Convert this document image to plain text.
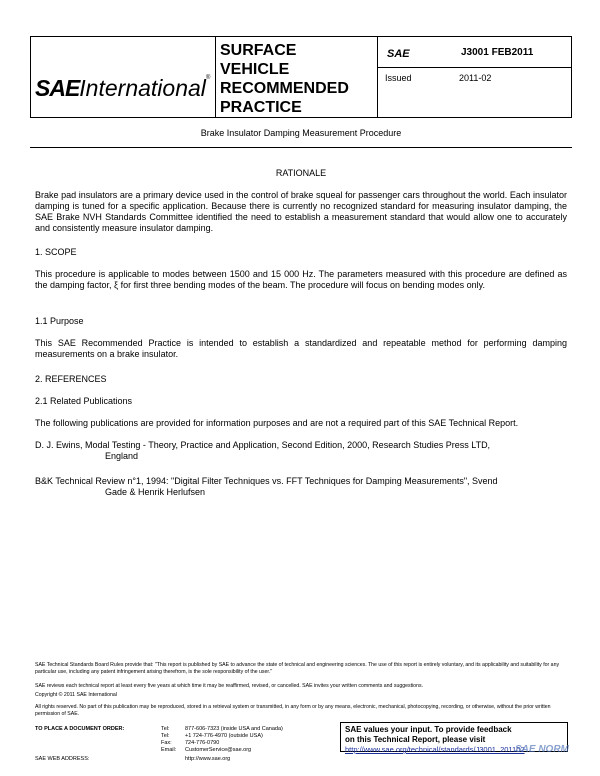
SAEInternational®
SURFACE
VEHICLE
RECOMMENDED
PRACTICE
SAE	J3001 FEB2011
Issued	2011-02
Brake Insulator Damping Measurement Procedure
RATIONALE
Brake pad insulators are a primary device used in the control of brake squeal for passenger cars throughout the world. Each insulator damping is tuned for a specific application. Because there is currently no recognized standard for measuring insulator damping, the SAE Brake NVH Standards Committee identified the need to establish a measurement standard that would allow one to accurately and consistently measure insulator damping.
1. SCOPE
This procedure is applicable to modes between 1500 and 15 000 Hz. The parameters measured with this procedure are defined as the damping factor, ξ for first three bending modes of the beam. The procedure will focus on bending modes only.
1.1 Purpose
This SAE Recommended Practice is intended to establish a standardized and repeatable method for performing damping measurements on a brake insulator.
2. REFERENCES
2.1 Related Publications
The following publications are provided for information purposes and are not a required part of this SAE Technical Report.
D. J. Ewins, Modal Testing - Theory, Practice and Application, Second Edition, 2000, Research Studies Press LTD,
England
B&K Technical Review n°1, 1994: "Digital Filter Techniques vs. FFT Techniques for Damping Measurements", Svend
Gade & Henrik Herlufsen
SAE Technical Standards Board Rules provide that: "This report is published by SAE to advance the state of technical and engineering sciences. The use of this report is entirely voluntary, and its applicability and suitability for any particular use, including any patent infringement arising therefrom, is the sole responsibility of the user."
SAE reviews each technical report at least every five years at which time it may be reaffirmed, revised, or cancelled. SAE invites your written comments and suggestions.
Copyright © 2011 SAE International
All rights reserved. No part of this publication may be reproduced, stored in a retrieval system or transmitted, in any form or by any means, electronic, mechanical, photocopying, recording, or otherwise, without the prior written permission of SAE.
TO PLACE A DOCUMENT ORDER:	Tel:	877-606-7323 (inside USA and Canada)
Tel:	+1 724-776-4970 (outside USA)
Fax:	724-776-0790
Email:	CustomerService@sae.org
SAE WEB ADDRESS:	http://www.sae.org
SAE values your input. To provide feedback
on this Technical Report, please visit
http://www.sae.org/technical/standards/J3001_201102
SAE NORM
